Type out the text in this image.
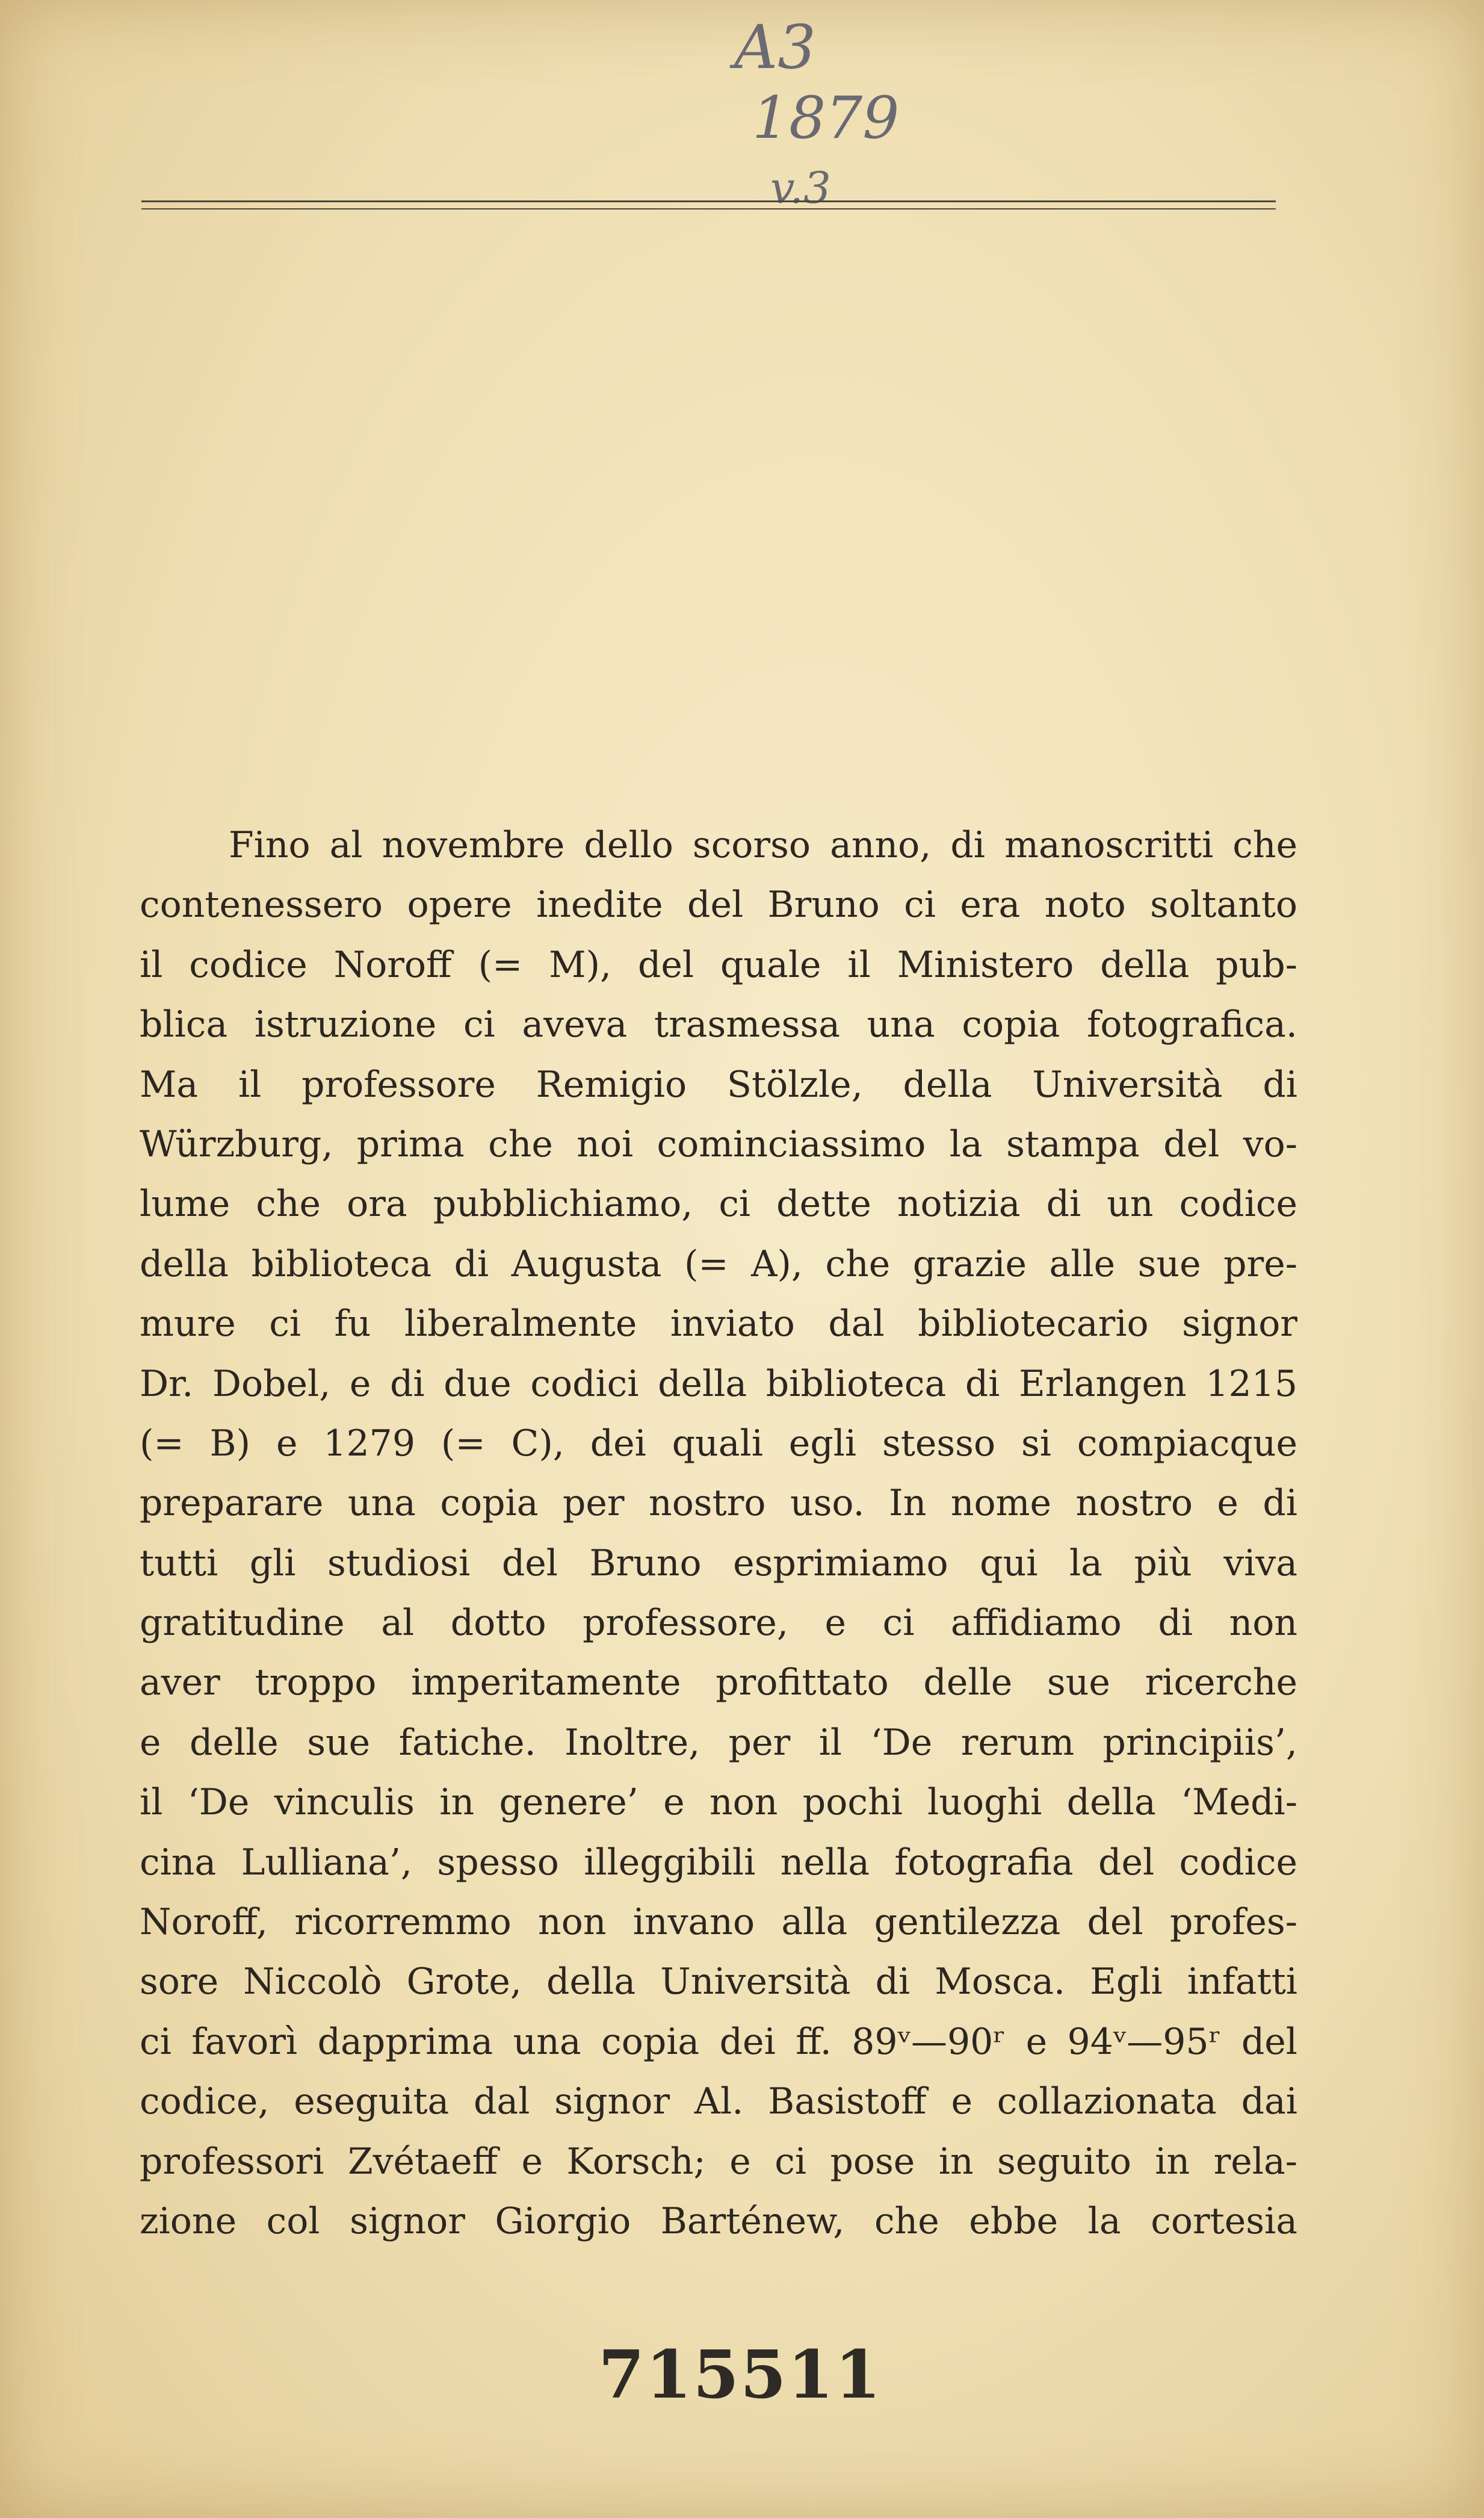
A3
1879
v.3
Fino al novembre dello scorso anno, di manoscritti che
contenessero opere inedite del Bruno ci era noto soltanto
il codice Noroff (= M), del quale il Ministero della pub-
blica istruzione ci aveva trasmessa una copia fotografica.
Ma il professore Remigio Stölzle, della Università di
Würzburg, prima che noi cominciassimo la stampa del vo-
lume che ora pubblichiamo, ci dette notizia di un codice
della biblioteca di Augusta (= A), che grazie alle sue pre-
mure ci fu liberalmente inviato dal bibliotecario signor
Dr. Dobel, e di due codici della biblioteca di Erlangen 1215
(= B) e 1279 (= C), dei quali egli stesso si compiacque
preparare una copia per nostro uso. In nome nostro e di
tutti gli studiosi del Bruno esprimiamo qui la più viva
gratitudine al dotto professore, e ci affidiamo di non
aver troppo imperitamente profittato delle sue ricerche
e delle sue fatiche. Inoltre, per il ‘De rerum principiis’,
il ‘De vinculis in genere’ e non pochi luoghi della ‘Medi-
cina Lulliana’, spesso illeggibili nella fotografia del codice
Noroff, ricorremmo non invano alla gentilezza del profes-
sore Niccolò Grote, della Università di Mosca. Egli infatti
ci favorì dapprima una copia dei ff. 89ᵛ—90ʳ e 94ᵛ—95ʳ del
codice, eseguita dal signor Al. Basistoff e collazionata dai
professori Zvétaeff e Korsch; e ci pose in seguito in rela-
zione col signor Giorgio Barténew, che ebbe la cortesia
715511
